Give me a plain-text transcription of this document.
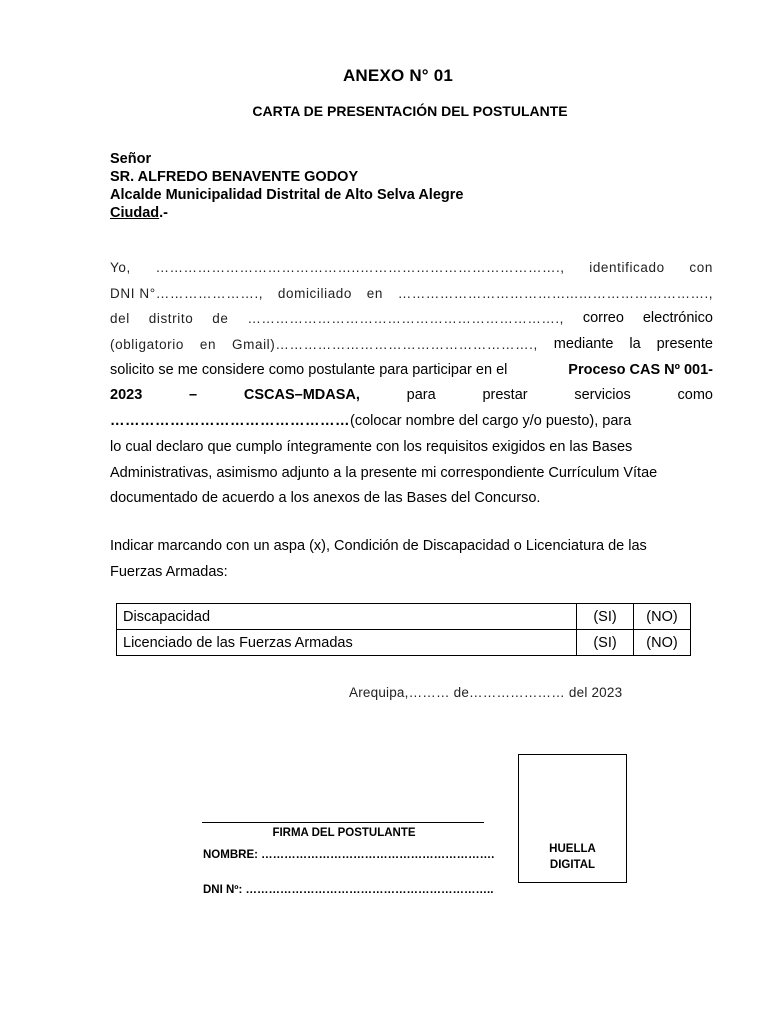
ANEXO N° 01
CARTA DE PRESENTACIÓN DEL POSTULANTE
Señor
SR. ALFREDO BENAVENTE GODOY
Alcalde Municipalidad Distrital de Alto Selva Alegre
Ciudad.-
Yo, ……………………………………..……………………………………., identificado con
DNI N°…………………., domiciliado en ………………………………...……………………….,
del distrito de …………………………………………………………., correo electrónico
(obligatorio en Gmail)………………………………………………., mediante la presente
solicito se me considere como postulante para participar en el	Proceso CAS Nº 001-
2023	–	CSCAS–MDASA,	para	prestar	servicios	como
………………………………………… (colocar nombre del cargo y/o puesto), para
lo cual declaro que cumplo íntegramente con los requisitos exigidos en las Bases
Administrativas, asimismo adjunto a la presente mi correspondiente Currículum Vítae
documentado de acuerdo a los anexos de las Bases del Concurso.
Indicar marcando con un aspa (x), Condición de Discapacidad o Licenciatura de las
Fuerzas Armadas:
Discapacidad	(SI)	(NO)
Licenciado de las Fuerzas Armadas	(SI)	(NO)
Arequipa,……… de………………… del 2023
FIRMA DEL POSTULANTE
NOMBRE: …………………………………………………….
DNI Nº: ………………………………………………………..
HUELLA
DIGITAL
